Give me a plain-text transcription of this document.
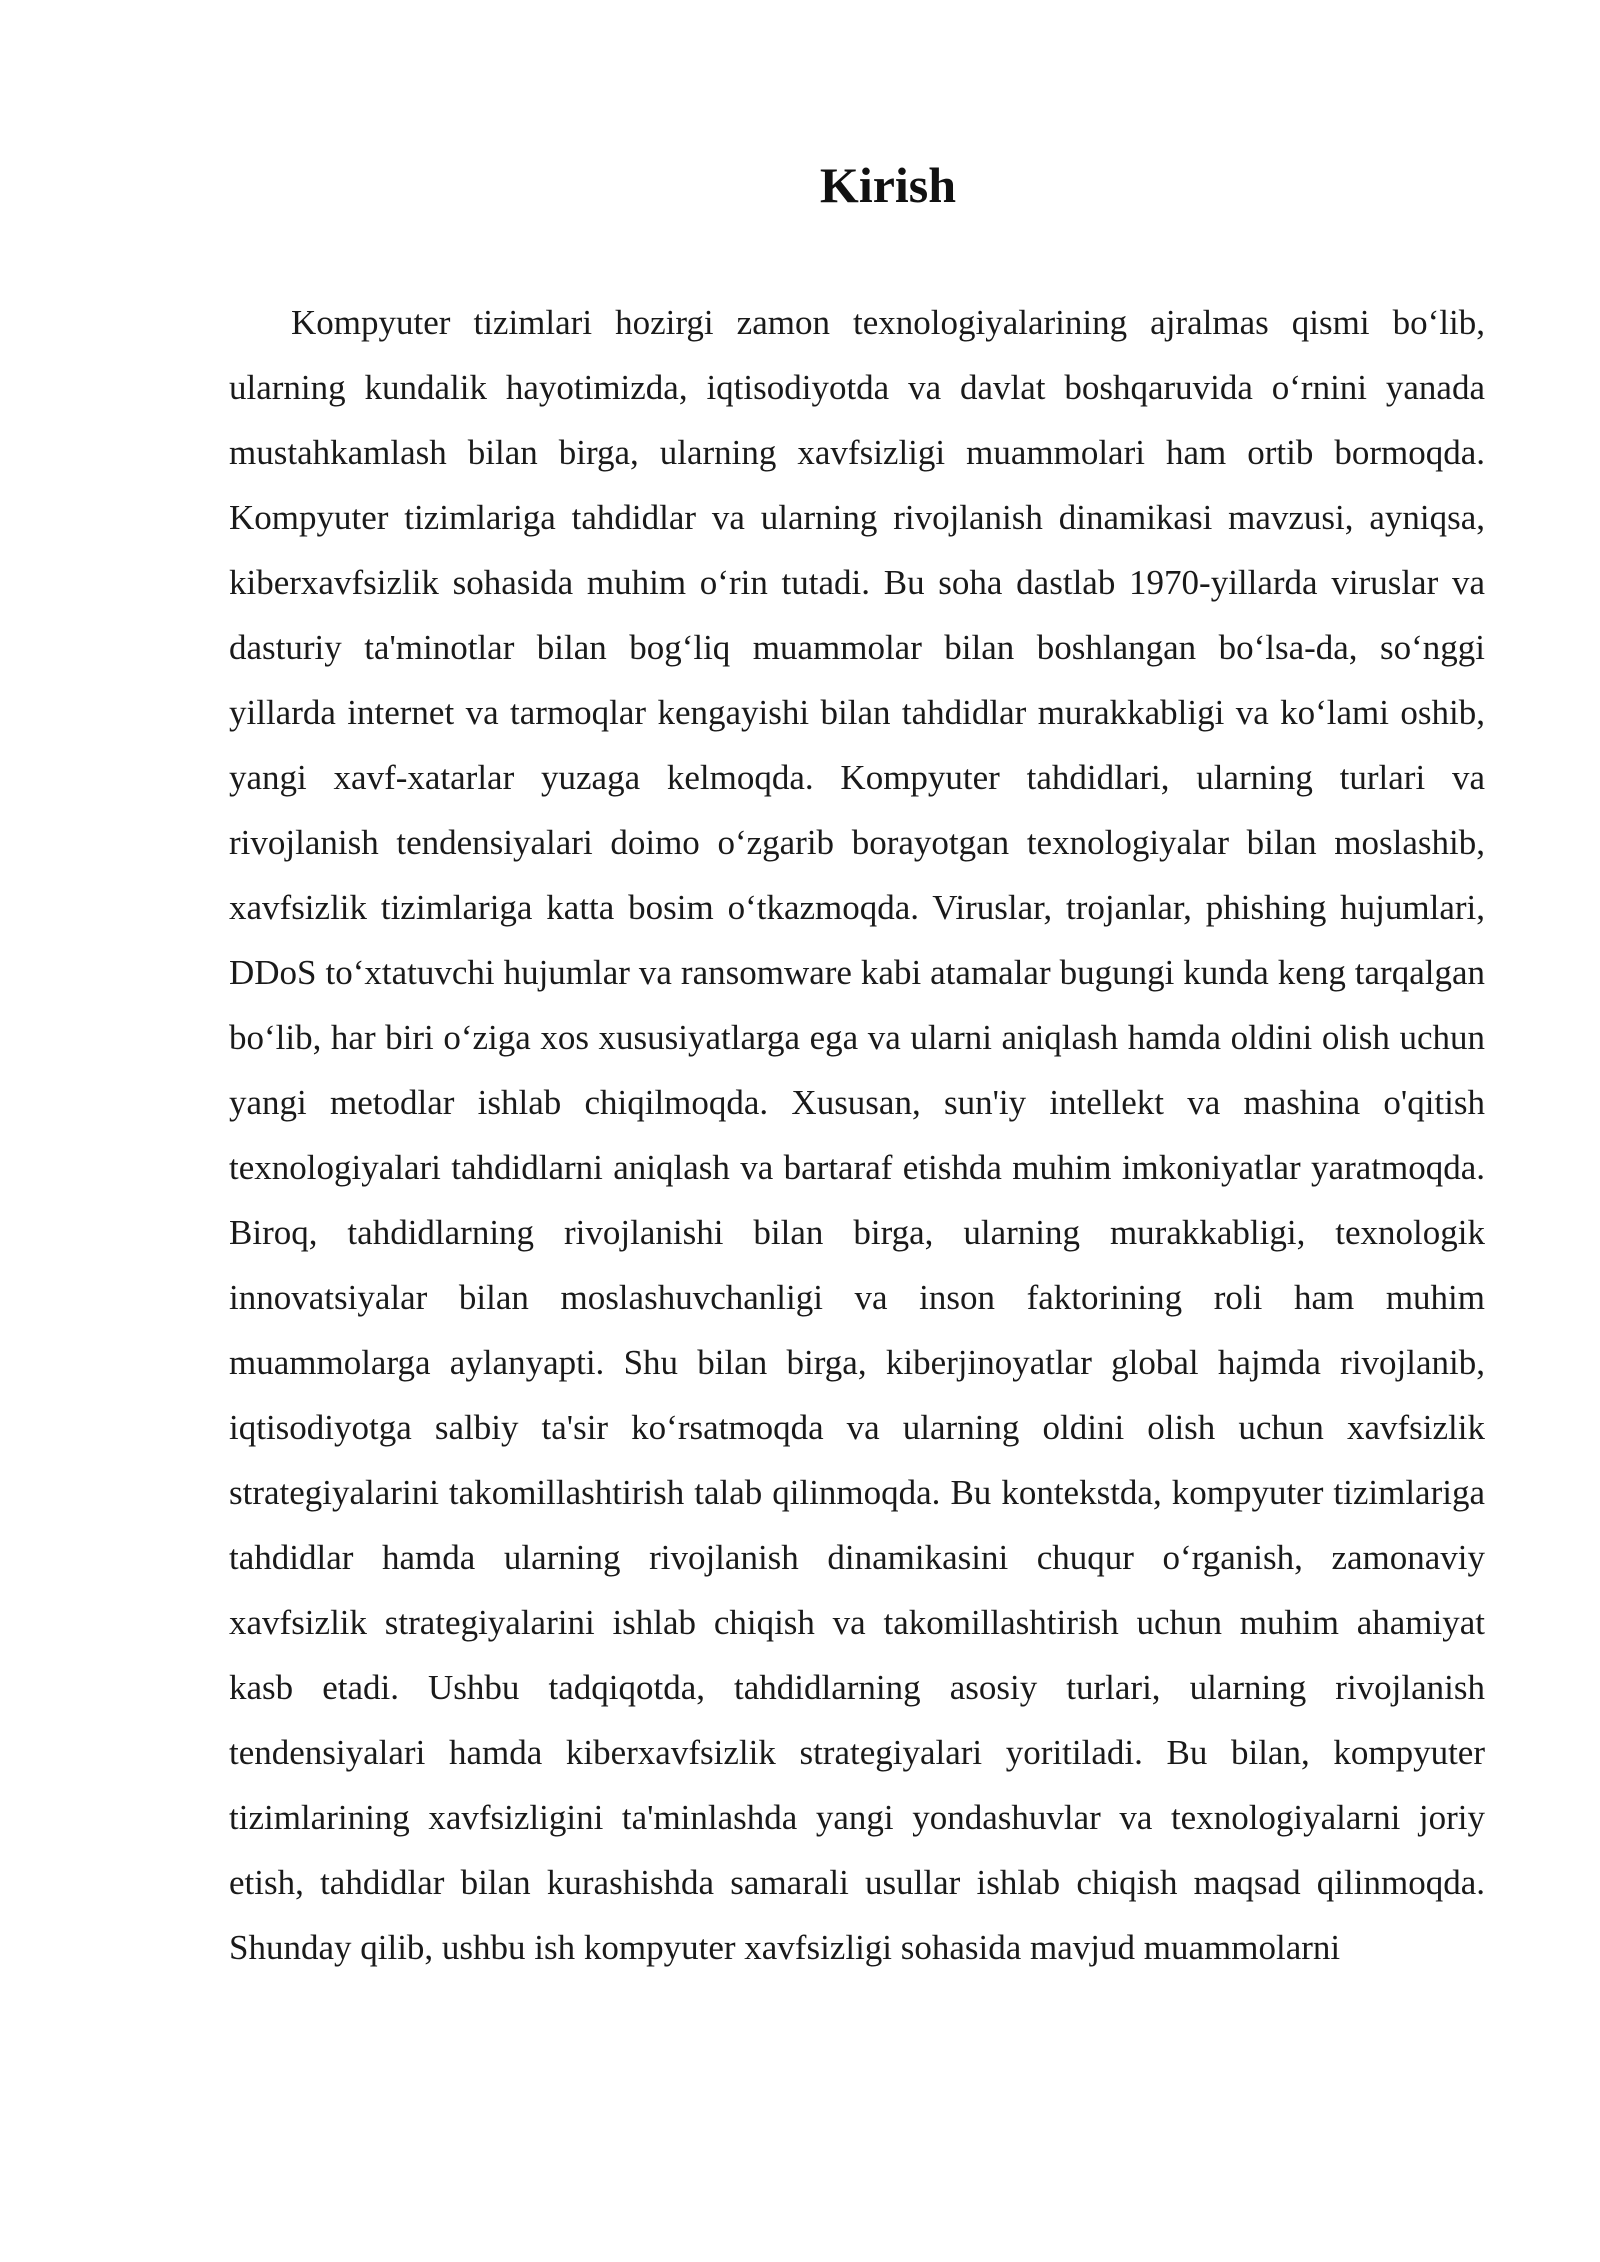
Kirish

Kompyuter tizimlari hozirgi zamon texnologiyalarining ajralmas qismi bo‘lib, ularning kundalik hayotimizda, iqtisodiyotda va davlat boshqaruvida o‘rnini yanada mustahkamlash bilan birga, ularning xavfsizligi muammolari ham ortib bormoqda. Kompyuter tizimlariga tahdidlar va ularning rivojlanish dinamikasi mavzusi, ayniqsa, kiberxavfsizlik sohasida muhim o‘rin tutadi. Bu soha dastlab 1970-yillarda viruslar va dasturiy ta'minotlar bilan bog‘liq muammolar bilan boshlangan bo‘lsa-da, so‘nggi yillarda internet va tarmoqlar kengayishi bilan tahdidlar murakkabligi va ko‘lami oshib, yangi xavf-xatarlar yuzaga kelmoqda. Kompyuter tahdidlari, ularning turlari va rivojlanish tendensiyalari doimo o‘zgarib borayotgan texnologiyalar bilan moslashib, xavfsizlik tizimlariga katta bosim o‘tkazmoqda. Viruslar, trojanlar, phishing hujumlari, DDoS to‘xtatuvchi hujumlar va ransomware kabi atamalar bugungi kunda keng tarqalgan bo‘lib, har biri o‘ziga xos xususiyatlarga ega va ularni aniqlash hamda oldini olish uchun yangi metodlar ishlab chiqilmoqda. Xususan, sun'iy intellekt va mashina o'qitish texnologiyalari tahdidlarni aniqlash va bartaraf etishda muhim imkoniyatlar yaratmoqda. Biroq, tahdidlarning rivojlanishi bilan birga, ularning murakkabligi, texnologik innovatsiyalar bilan moslashuvchanligi va inson faktorining roli ham muhim muammolarga aylanyapti. Shu bilan birga, kiberjinoyatlar global hajmda rivojlanib, iqtisodiyotga salbiy ta'sir ko‘rsatmoqda va ularning oldini olish uchun xavfsizlik strategiyalarini takomillashtirish talab qilinmoqda. Bu kontekstda, kompyuter tizimlariga tahdidlar hamda ularning rivojlanish dinamikasini chuqur o‘rganish, zamonaviy xavfsizlik strategiyalarini ishlab chiqish va takomillashtirish uchun muhim ahamiyat kasb etadi. Ushbu tadqiqotda, tahdidlarning asosiy turlari, ularning rivojlanish tendensiyalari hamda kiberxavfsizlik strategiyalari yoritiladi. Bu bilan, kompyuter tizimlarining xavfsizligini ta'minlashda yangi yondashuvlar va texnologiyalarni joriy etish, tahdidlar bilan kurashishda samarali usullar ishlab chiqish maqsad qilinmoqda. Shunday qilib, ushbu ish kompyuter xavfsizligi sohasida mavjud muammolarni
